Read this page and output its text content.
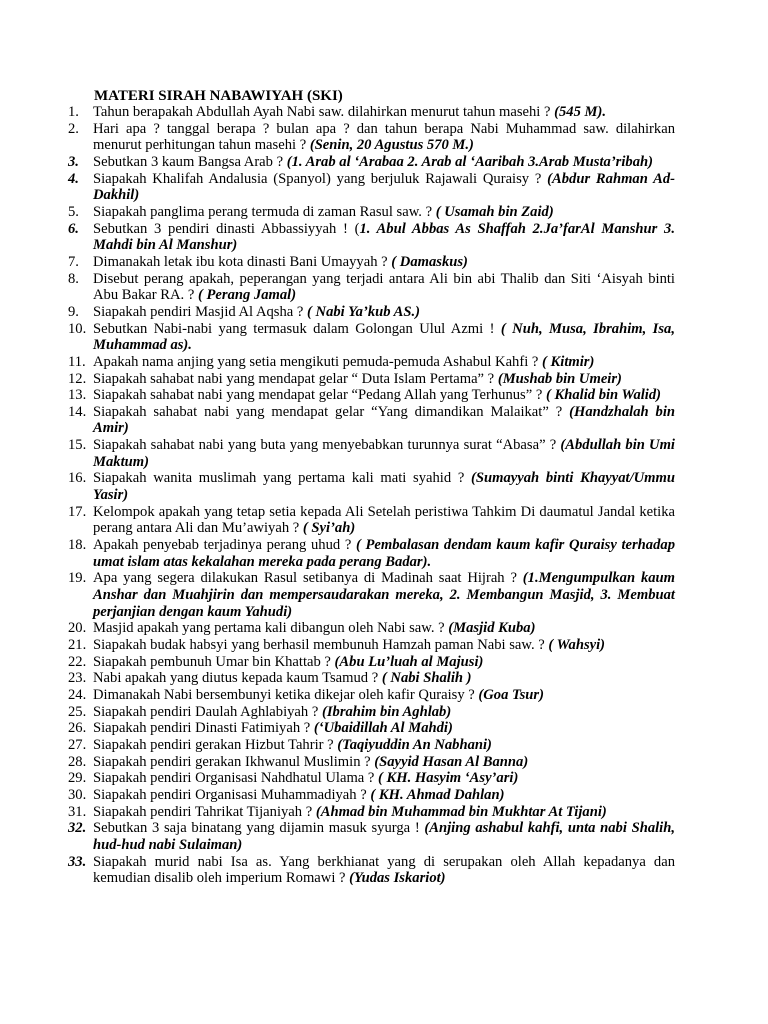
MATERI SIRAH NABAWIYAH (SKI)
1. Tahun berapakah Abdullah Ayah Nabi saw. dilahirkan menurut tahun masehi ? (545 M).
2. Hari apa ? tanggal berapa ? bulan apa ? dan tahun berapa Nabi Muhammad saw. dilahirkan menurut perhitungan tahun masehi ? (Senin, 20 Agustus 570 M.)
3. Sebutkan 3 kaum Bangsa Arab ? (1. Arab al ‘Arabaa 2. Arab al ‘Aaribah 3.Arab Musta’ribah)
4. Siapakah Khalifah Andalusia (Spanyol) yang berjuluk Rajawali Quraisy ? (Abdur Rahman Ad-Dakhil)
5. Siapakah panglima perang termuda di zaman Rasul saw. ? ( Usamah bin Zaid)
6. Sebutkan 3 pendiri dinasti Abbassiyyah ! (1. Abul Abbas As Shaffah 2.Ja’farAl Manshur 3. Mahdi bin Al Manshur)
7. Dimanakah letak ibu kota dinasti Bani Umayyah ? ( Damaskus)
8. Disebut perang apakah, peperangan yang terjadi antara Ali bin abi Thalib dan Siti ‘Aisyah binti Abu Bakar RA. ? ( Perang Jamal)
9. Siapakah pendiri Masjid Al Aqsha ? ( Nabi Ya’kub AS.)
10. Sebutkan Nabi-nabi yang termasuk dalam Golongan Ulul Azmi ! ( Nuh, Musa, Ibrahim, Isa, Muhammad as).
11. Apakah nama anjing yang setia mengikuti pemuda-pemuda Ashabul Kahfi ? ( Kitmir)
12. Siapakah sahabat nabi yang mendapat gelar “ Duta Islam Pertama” ? (Mushab bin Umeir)
13. Siapakah sahabat nabi yang mendapat gelar “Pedang Allah yang Terhunus” ? ( Khalid bin Walid)
14. Siapakah sahabat nabi yang mendapat gelar “Yang dimandikan Malaikat” ? (Handzhalah bin Amir)
15. Siapakah sahabat nabi yang buta yang menyebabkan turunnya surat “Abasa” ? (Abdullah bin Umi Maktum)
16. Siapakah wanita muslimah yang pertama kali mati syahid ? (Sumayyah binti Khayyat/Ummu Yasir)
17. Kelompok apakah yang tetap setia kepada Ali Setelah peristiwa Tahkim Di daumatul Jandal ketika perang antara Ali dan Mu’awiyah ? ( Syi’ah)
18. Apakah penyebab terjadinya perang uhud ? ( Pembalasan dendam kaum kafir Quraisy terhadap umat islam atas kekalahan mereka pada perang Badar).
19. Apa yang segera dilakukan Rasul setibanya di Madinah saat Hijrah ? (1.Mengumpulkan kaum Anshar dan Muahjirin dan mempersaudarakan mereka, 2. Membangun Masjid, 3. Membuat perjanjian dengan kaum Yahudi)
20. Masjid apakah yang pertama kali dibangun oleh Nabi saw. ? (Masjid Kuba)
21. Siapakah budak habsyi yang berhasil membunuh Hamzah paman Nabi saw. ? ( Wahsyi)
22. Siapakah pembunuh Umar bin Khattab ? (Abu Lu’luah al Majusi)
23. Nabi apakah yang diutus kepada kaum Tsamud ? ( Nabi Shalih )
24. Dimanakah Nabi bersembunyi ketika dikejar oleh kafir Quraisy ? (Goa Tsur)
25. Siapakah pendiri Daulah Aghlabiyah ? (Ibrahim bin Aghlab)
26. Siapakah pendiri Dinasti Fatimiyah ? (‘Ubaidillah Al Mahdi)
27. Siapakah pendiri gerakan Hizbut Tahrir ? (Taqiyuddin An Nabhani)
28. Siapakah pendiri gerakan Ikhwanul Muslimin ? (Sayyid Hasan Al Banna)
29. Siapakah pendiri Organisasi Nahdhatul Ulama ? ( KH. Hasyim ‘Asy’ari)
30. Siapakah pendiri Organisasi Muhammadiyah ? ( KH. Ahmad Dahlan)
31. Siapakah pendiri Tahrikat Tijaniyah ? (Ahmad bin Muhammad bin Mukhtar At Tijani)
32. Sebutkan 3 saja binatang yang dijamin masuk syurga ! (Anjing ashabul kahfi, unta nabi Shalih, hud-hud nabi Sulaiman)
33. Siapakah murid nabi Isa as. Yang berkhianat yang di serupakan oleh Allah kepadanya dan kemudian disalib oleh imperium Romawi ? (Yudas Iskariot)
